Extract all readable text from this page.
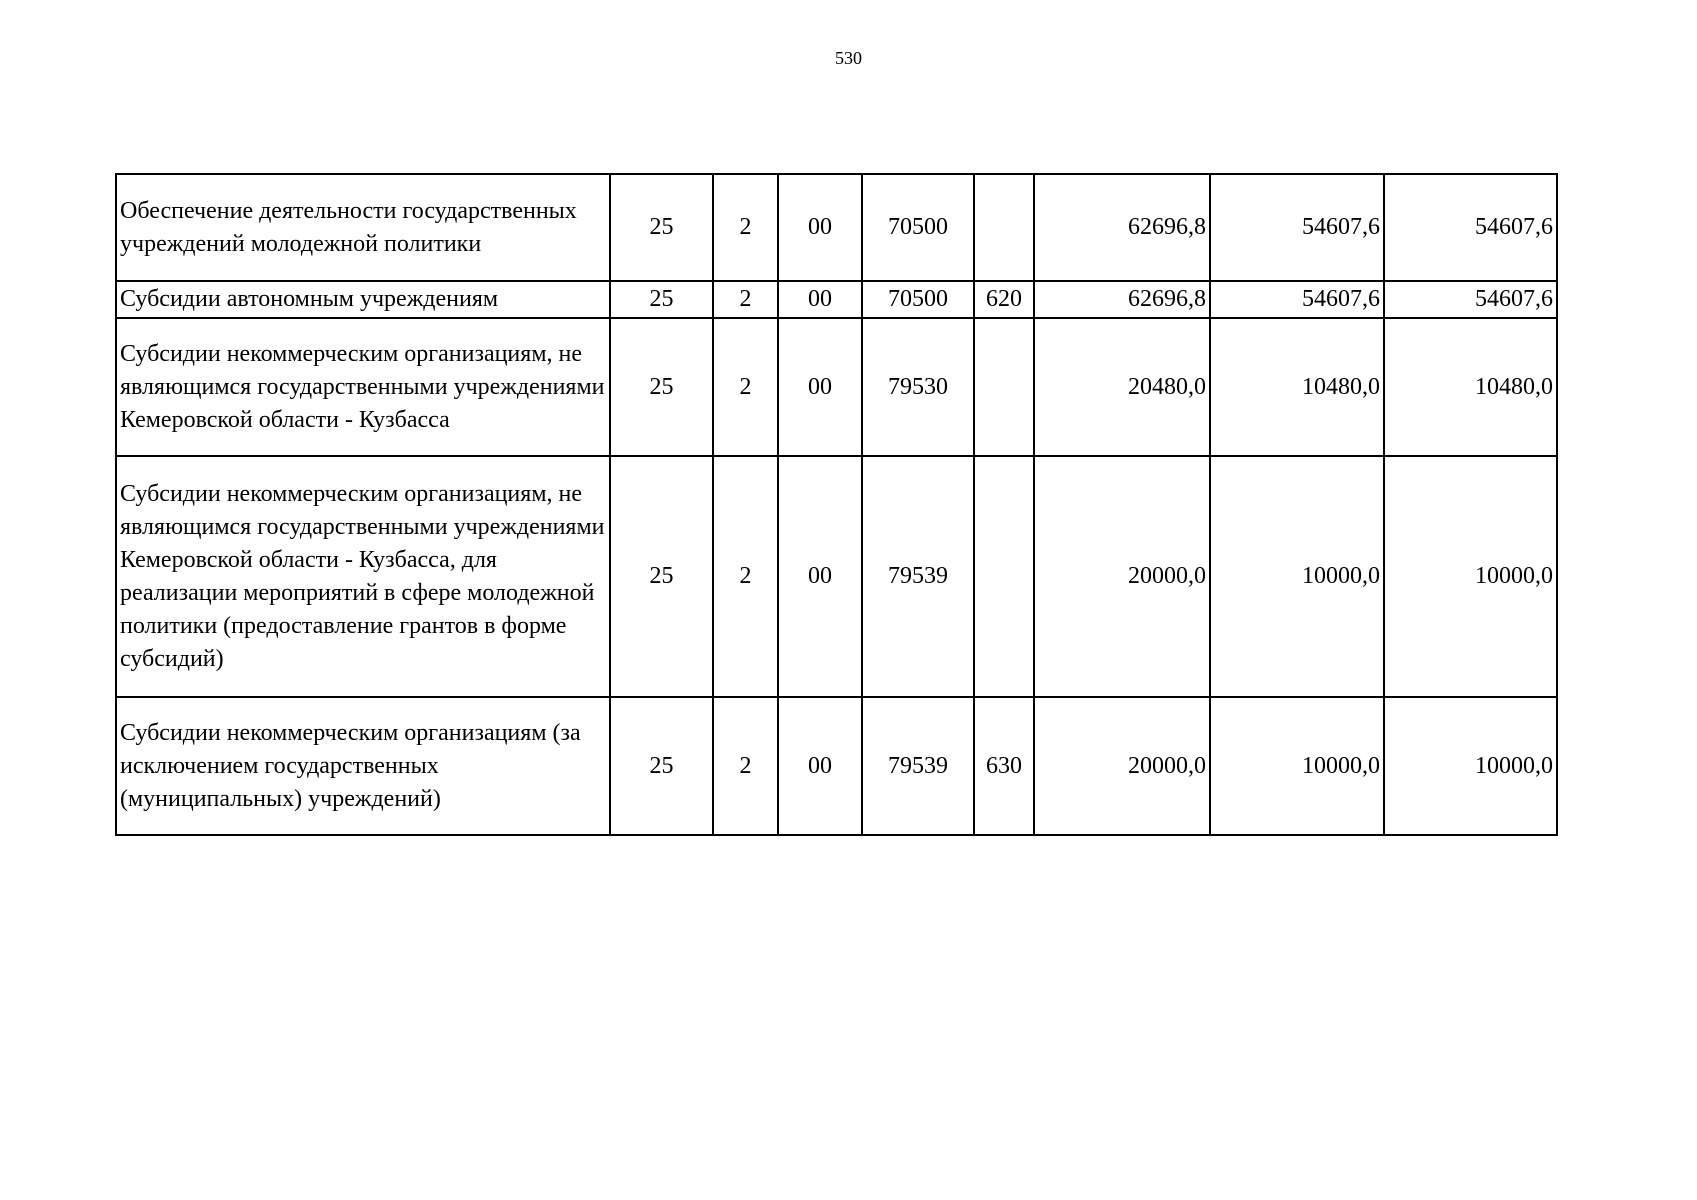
530
Обеспечение деятельности государственных учреждений молодежной политики	25	2	00	70500		62696,8	54607,6	54607,6
Субсидии автономным учреждениям	25	2	00	70500	620	62696,8	54607,6	54607,6
Субсидии некоммерческим организациям, не являющимся государственными учреждениями Кемеровской области - Кузбасса	25	2	00	79530		20480,0	10480,0	10480,0
Субсидии некоммерческим организациям, не являющимся государственными учреждениями Кемеровской области - Кузбасса, для реализации мероприятий в сфере молодежной политики (предоставление грантов в форме субсидий)	25	2	00	79539		20000,0	10000,0	10000,0
Субсидии некоммерческим организациям (за исключением государственных (муниципальных) учреждений)	25	2	00	79539	630	20000,0	10000,0	10000,0
